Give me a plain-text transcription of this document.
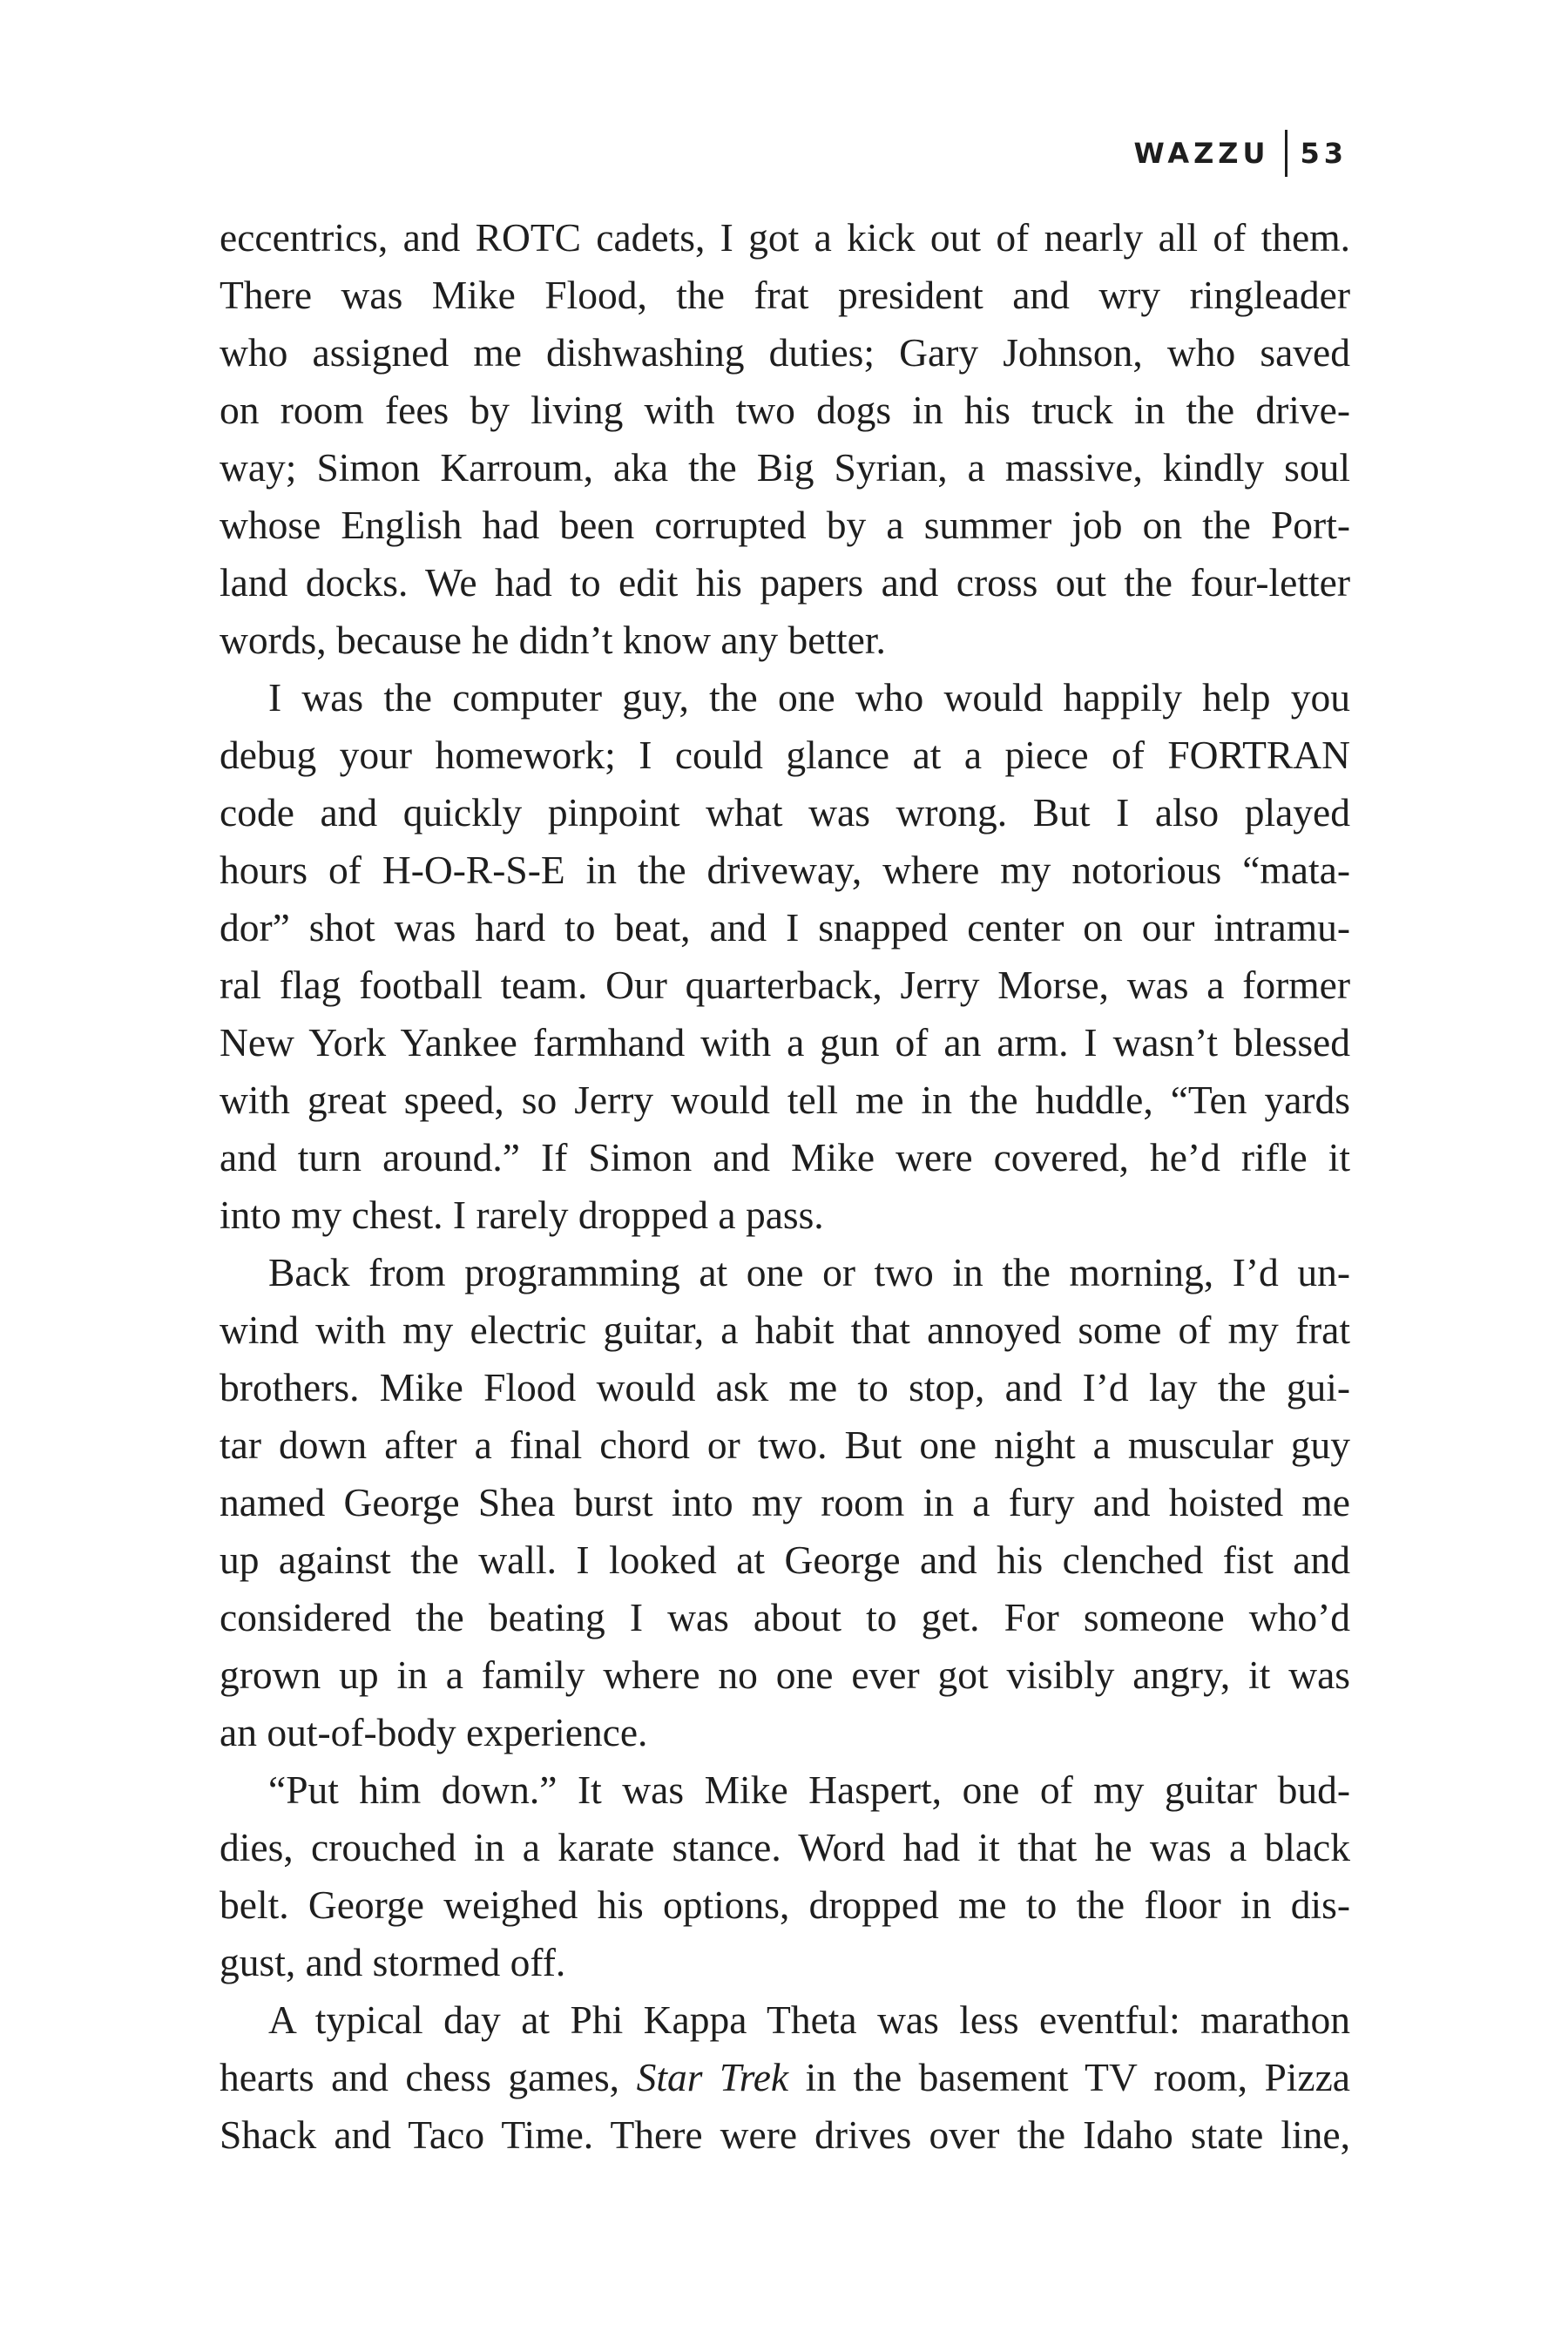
WAZZU 53

eccentrics, and ROTC cadets, I got a kick out of nearly all of them.
There was Mike Flood, the frat president and wry ringleader
who assigned me dishwashing duties; Gary Johnson, who saved
on room fees by living with two dogs in his truck in the drive-
way; Simon Karroum, aka the Big Syrian, a massive, kindly soul
whose English had been corrupted by a summer job on the Port-
land docks. We had to edit his papers and cross out the four-letter
words, because he didn’t know any better.

I was the computer guy, the one who would happily help you
debug your homework; I could glance at a piece of FORTRAN
code and quickly pinpoint what was wrong. But I also played
hours of H-O-R-S-E in the driveway, where my notorious “mata-
dor” shot was hard to beat, and I snapped center on our intramu-
ral flag football team. Our quarterback, Jerry Morse, was a former
New York Yankee farmhand with a gun of an arm. I wasn’t blessed
with great speed, so Jerry would tell me in the huddle, “Ten yards
and turn around.” If Simon and Mike were covered, he’d rifle it
into my chest. I rarely dropped a pass.

Back from programming at one or two in the morning, I’d un-
wind with my electric guitar, a habit that annoyed some of my frat
brothers. Mike Flood would ask me to stop, and I’d lay the gui-
tar down after a final chord or two. But one night a muscular guy
named George Shea burst into my room in a fury and hoisted me
up against the wall. I looked at George and his clenched fist and
considered the beating I was about to get. For someone who’d
grown up in a family where no one ever got visibly angry, it was
an out-of-body experience.

“Put him down.” It was Mike Haspert, one of my guitar bud-
dies, crouched in a karate stance. Word had it that he was a black
belt. George weighed his options, dropped me to the floor in dis-
gust, and stormed off.

A typical day at Phi Kappa Theta was less eventful: marathon
hearts and chess games, Star Trek in the basement TV room, Pizza
Shack and Taco Time. There were drives over the Idaho state line,
